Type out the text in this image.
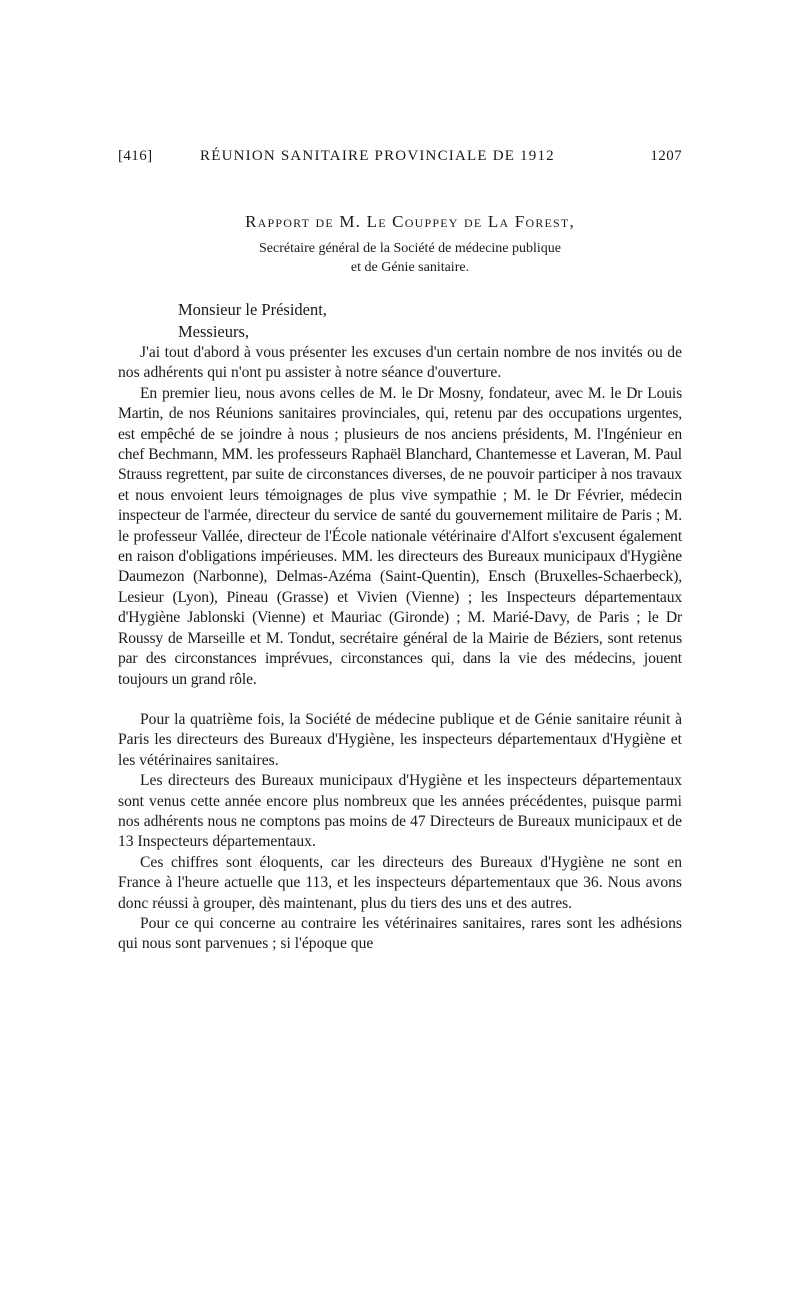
[416]	RÉUNION SANITAIRE PROVINCIALE DE 1912	1207
Rapport de M. Le Couppey de La Forest,
Secrétaire général de la Société de médecine publique
et de Génie sanitaire.
Monsieur le Président,
Messieurs,

J'ai tout d'abord à vous présenter les excuses d'un certain nombre de nos invités ou de nos adhérents qui n'ont pu assister à notre séance d'ouverture.

En premier lieu, nous avons celles de M. le Dr Mosny, fondateur, avec M. le Dr Louis Martin, de nos Réunions sanitaires provinciales, qui, retenu par des occupations urgentes, est empêché de se joindre à nous ; plusieurs de nos anciens présidents, M. l'Ingénieur en chef Bechmann, MM. les professeurs Raphaël Blanchard, Chantemesse et Laveran, M. Paul Strauss regrettent, par suite de circonstances diverses, de ne pouvoir participer à nos travaux et nous envoient leurs témoignages de plus vive sympathie ; M. le Dr Février, médecin inspecteur de l'armée, directeur du service de santé du gouvernement militaire de Paris ; M. le professeur Vallée, directeur de l'École nationale vétérinaire d'Alfort s'excusent également en raison d'obligations impérieuses. MM. les directeurs des Bureaux municipaux d'Hygiène Daumezon (Narbonne), Delmas-Azéma (Saint-Quentin), Ensch (Bruxelles-Schaerbeck), Lesieur (Lyon), Pineau (Grasse) et Vivien (Vienne) ; les Inspecteurs départementaux d'Hygiène Jablonski (Vienne) et Mauriac (Gironde) ; M. Marié-Davy, de Paris ; le Dr Roussy de Marseille et M. Tondut, secrétaire général de la Mairie de Béziers, sont retenus par des circonstances imprévues, circonstances qui, dans la vie des médecins, jouent toujours un grand rôle.

Pour la quatrième fois, la Société de médecine publique et de Génie sanitaire réunit à Paris les directeurs des Bureaux d'Hygiène, les inspecteurs départementaux d'Hygiène et les vétérinaires sanitaires.

Les directeurs des Bureaux municipaux d'Hygiène et les inspecteurs départementaux sont venus cette année encore plus nombreux que les années précédentes, puisque parmi nos adhérents nous ne comptons pas moins de 47 Directeurs de Bureaux municipaux et de 13 Inspecteurs départementaux.

Ces chiffres sont éloquents, car les directeurs des Bureaux d'Hygiène ne sont en France à l'heure actuelle que 113, et les inspecteurs départementaux que 36. Nous avons donc réussi à grouper, dès maintenant, plus du tiers des uns et des autres.

Pour ce qui concerne au contraire les vétérinaires sanitaires, rares sont les adhésions qui nous sont parvenues ; si l'époque que
